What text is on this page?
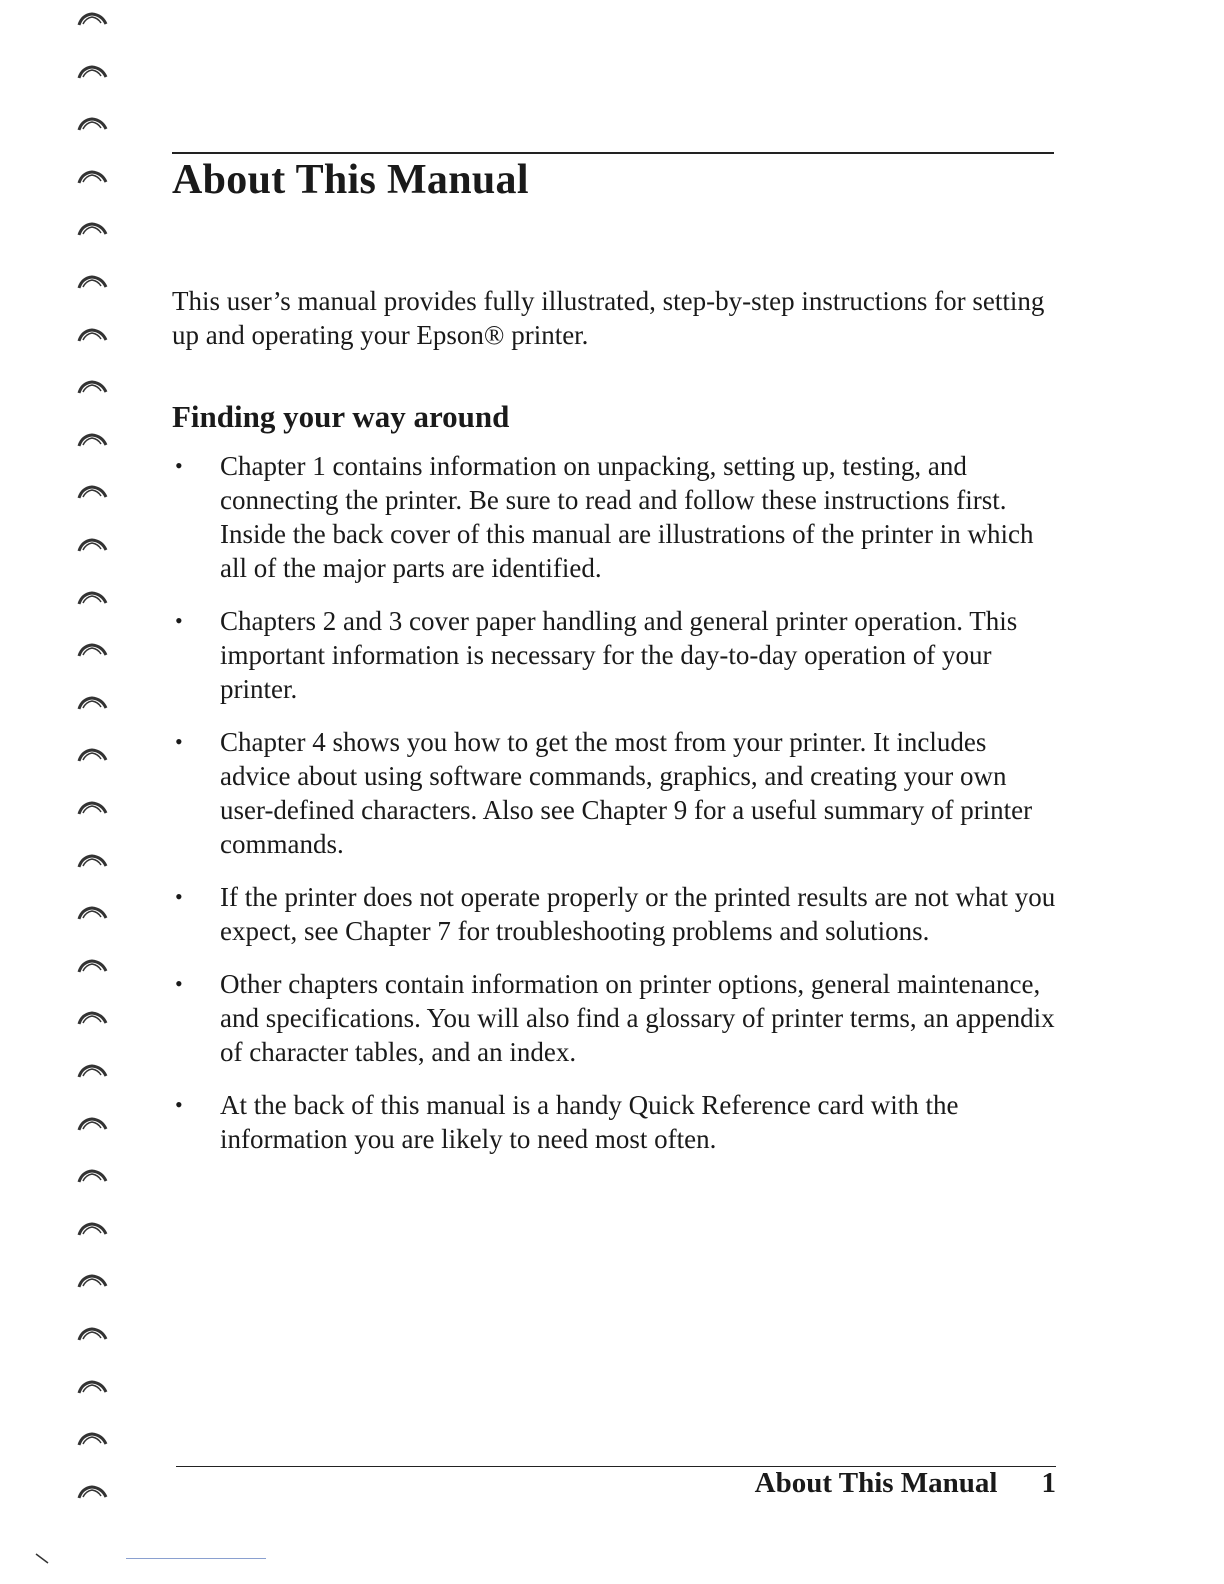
About This Manual

This user’s manual provides fully illustrated, step-by-step instructions for setting up and operating your Epson® printer.

Finding your way around
• Chapter 1 contains information on unpacking, setting up, testing, and connecting the printer. Be sure to read and follow these instructions first. Inside the back cover of this manual are illustrations of the printer in which all of the major parts are identified.
• Chapters 2 and 3 cover paper handling and general printer operation. This important information is necessary for the day-to-day operation of your printer.
• Chapter 4 shows you how to get the most from your printer. It includes advice about using software commands, graphics, and creating your own user-defined characters. Also see Chapter 9 for a useful summary of printer commands.
• If the printer does not operate properly or the printed results are not what you expect, see Chapter 7 for troubleshooting problems and solutions.
• Other chapters contain information on printer options, general maintenance, and specifications. You will also find a glossary of printer terms, an appendix of character tables, and an index.
• At the back of this manual is a handy Quick Reference card with the information you are likely to need most often.
About This Manual 1
